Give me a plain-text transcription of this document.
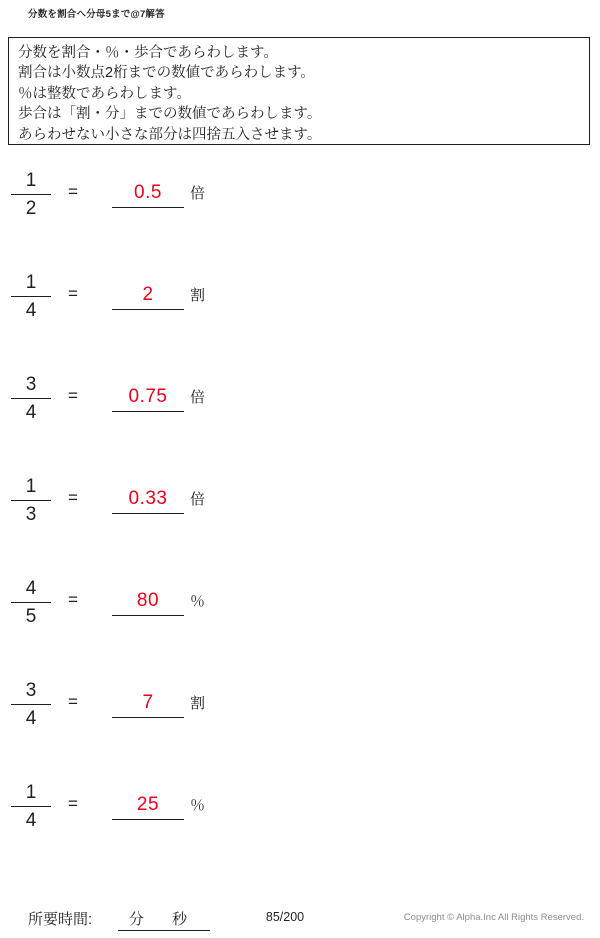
分数を割合へ分母5まで@7解答
分数を割合・％・歩合であらわします。
割合は小数点2桁までの数値であらわします。
％は整数であらわします。
歩合は「割・分」までの数値であらわします。
あらわせない小さな部分は四捨五入させます。
1
2
=	0.5	倍
1
4
=	2	割
3
4
=	0.75	倍
1
3
=	0.33	倍
4
5
=	80	％
3
4
=	7	割
1
4
=	25	％
所要時間:	分 秒	85/200	Copyright © Alpha.Inc All Rights Reserved.
